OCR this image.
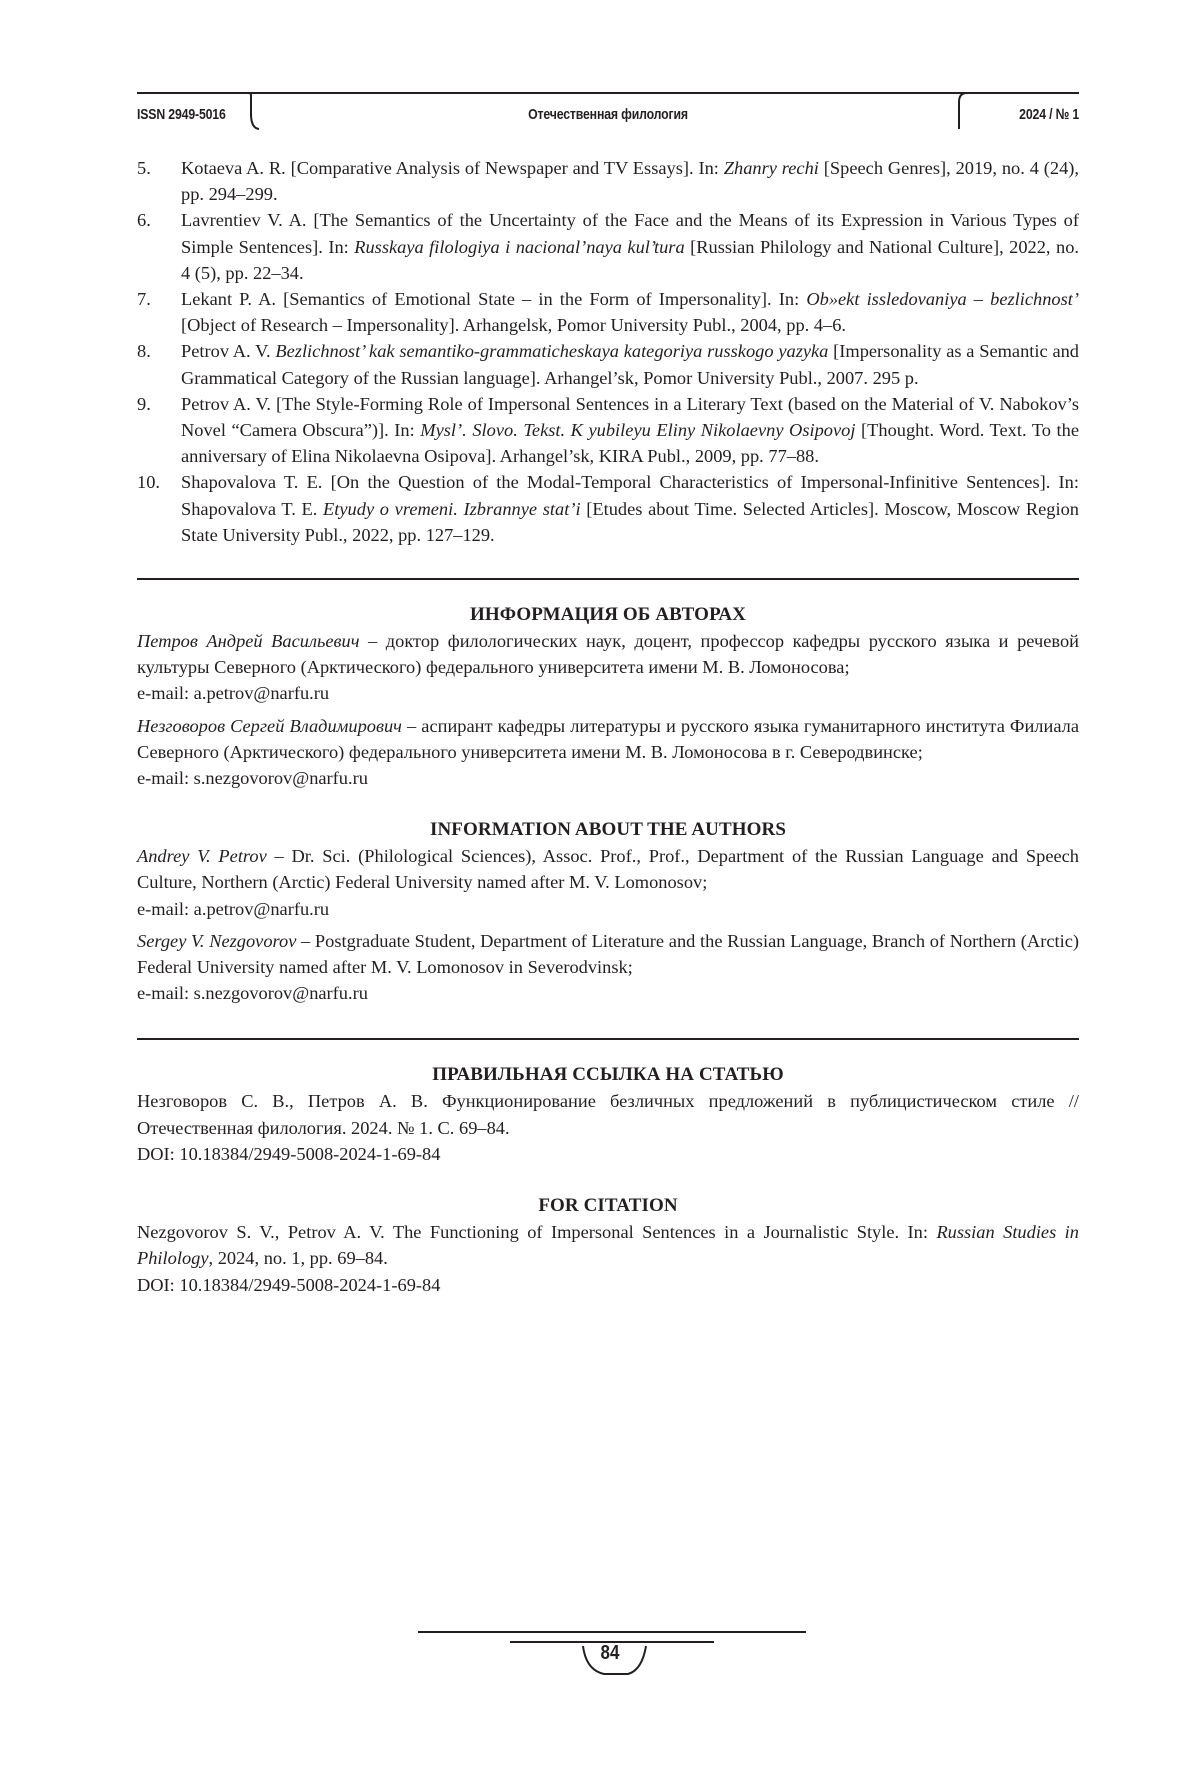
ISSN 2949-5016	Отечественная филология	2024 / № 1
5. Kotaeva A. R. [Comparative Analysis of Newspaper and TV Essays]. In: Zhanry rechi [Speech Genres], 2019, no. 4 (24), pp. 294–299.
6. Lavrentiev V. A. [The Semantics of the Uncertainty of the Face and the Means of its Expression in Various Types of Simple Sentences]. In: Russkaya filologiya i nacional’naya kul’tura [Russian Philology and National Culture], 2022, no. 4 (5), pp. 22–34.
7. Lekant P. A. [Semantics of Emotional State – in the Form of Impersonality]. In: Ob»ekt issledovaniya – bezlichnost’ [Object of Research – Impersonality]. Arhangelsk, Pomor University Publ., 2004, pp. 4–6.
8. Petrov A. V. Bezlichnost’ kak semantiko-grammaticheskaya kategoriya russkogo yazyka [Impersonality as a Semantic and Grammatical Category of the Russian language]. Arhangel’sk, Pomor University Publ., 2007. 295 p.
9. Petrov A. V. [The Style-Forming Role of Impersonal Sentences in a Literary Text (based on the Material of V. Nabokov’s Novel “Camera Obscura”)]. In: Mysl’. Slovo. Tekst. K yubileyu Eliny Nikolaevny Osipovoj [Thought. Word. Text. To the anniversary of Elina Nikolaevna Osipova]. Arhangel’sk, KIRA Publ., 2009, pp. 77–88.
10. Shapovalova T. E. [On the Question of the Modal-Temporal Characteristics of Impersonal-Infinitive Sentences]. In: Shapovalova T. E. Etyudy o vremeni. Izbrannye stat’i [Etudes about Time. Selected Articles]. Moscow, Moscow Region State University Publ., 2022, pp. 127–129.
ИНФОРМАЦИЯ ОБ АВТОРАХ

Петров Андрей Васильевич – доктор филологических наук, доцент, профессор кафедры русского языка и речевой культуры Северного (Арктического) федерального университета имени М. В. Ломоносова;
e-mail: a.petrov@narfu.ru

Незговоров Сергей Владимирович – аспирант кафедры литературы и русского языка гуманитарного института Филиала Северного (Арктического) федерального университета имени М. В. Ломоносова в г. Северодвинске;
e-mail: s.nezgovorov@narfu.ru

INFORMATION ABOUT THE AUTHORS

Andrey V. Petrov – Dr. Sci. (Philological Sciences), Assoc. Prof., Prof., Department of the Russian Language and Speech Culture, Northern (Arctic) Federal University named after M. V. Lomonosov;
e-mail: a.petrov@narfu.ru

Sergey V. Nezgovorov – Postgraduate Student, Department of Literature and the Russian Language, Branch of Northern (Arctic) Federal University named after M. V. Lomonosov in Severodvinsk;
e-mail: s.nezgovorov@narfu.ru

ПРАВИЛЬНАЯ ССЫЛКА НА СТАТЬЮ

Незговоров С. В., Петров А. В. Функционирование безличных предложений в публицистическом стиле // Отечественная филология. 2024. № 1. С. 69–84.
DOI: 10.18384/2949-5008-2024-1-69-84

FOR CITATION

Nezgovorov S. V., Petrov A. V. The Functioning of Impersonal Sentences in a Journalistic Style. In: Russian Studies in Philology, 2024, no. 1, pp. 69–84.
DOI: 10.18384/2949-5008-2024-1-69-84

84
